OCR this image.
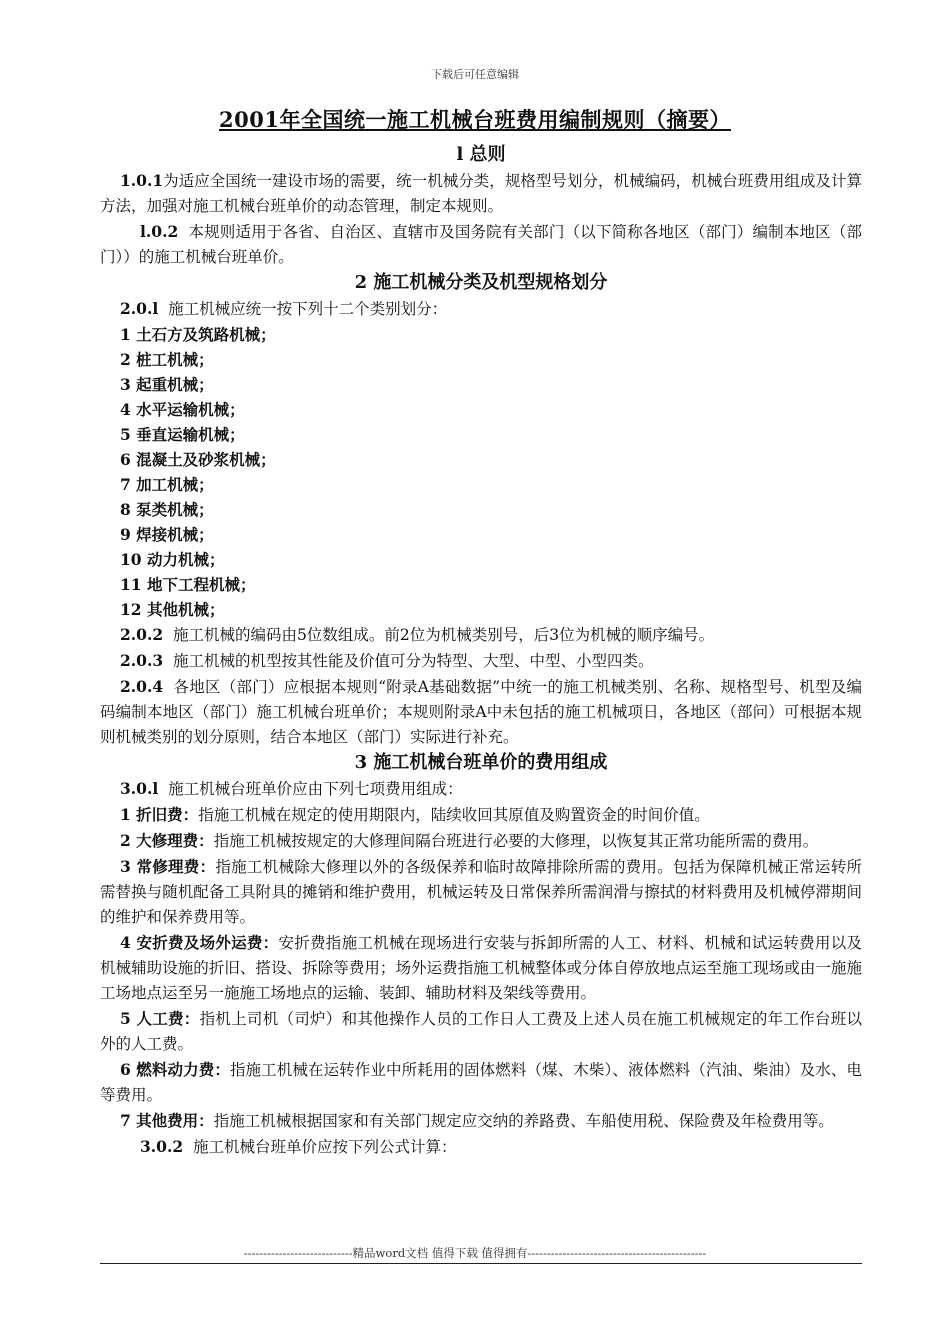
下载后可任意编辑
2001年全国统一施工机械台班费用编制规则（摘要）

l 总则

1.0.1为适应全国统一建设市场的需要，统一机械分类，规格型号划分，机械编码，机械台班费用组成及计算方法，加强对施工机械台班单价的动态管理，制定本规则。

l.0.2 本规则适用于各省、自治区、直辖市及国务院有关部门（以下简称各地区（部门）编制本地区（部门））的施工机械台班单价。

2 施工机械分类及机型规格划分

2.0.l 施工机械应统一按下列十二个类别划分：

1 土石方及筑路机械；

2 桩工机械；

3 起重机械；

4 水平运输机械；

5 垂直运输机械；

6 混凝土及砂浆机械；

7 加工机械；

8 泵类机械；

9 焊接机械；

10 动力机械；

11 地下工程机械；

12 其他机械；

2.0.2 施工机械的编码由5位数组成。前2位为机械类别号，后3位为机械的顺序编号。

2.0.3 施工机械的机型按其性能及价值可分为特型、大型、中型、小型四类。

2.0.4 各地区（部门）应根据本规则“附录A基础数据”中统一的施工机械类别、名称、规格型号、机型及编码编制本地区（部门）施工机械台班单价；本规则附录A中未包括的施工机械项日，各地区（部问）可根据本规则机械类别的划分原则，结合本地区（部门）实际进行补充。

3 施工机械台班单价的费用组成

3.0.l 施工机械台班单价应由下列七项费用组成：

1 折旧费：指施工机械在规定的使用期限内，陆续收回其原值及购置资金的时间价值。

2 大修理费：指施工机械按规定的大修理间隔台班进行必要的大修理，以恢复其正常功能所需的费用。

3 常修理费：指施工机械除大修理以外的各级保养和临时故障排除所需的费用。包括为保障机械正常运转所需替换与随机配备工具附具的摊销和维护费用，机械运转及日常保养所需润滑与擦拭的材料费用及机械停滞期间的维护和保养费用等。

4 安折费及场外运费：安折费指施工机械在现场进行安装与拆卸所需的人工、材料、机械和试运转费用以及机械辅助设施的折旧、搭设、拆除等费用；场外运费指施工机械整体或分体自停放地点运至施工现场或由一施施工场地点运至另一施施工场地点的运输、装卸、辅助材料及架线等费用。

5 人工费：指机上司机（司炉）和其他操作人员的工作日人工费及上述人员在施工机械规定的年工作台班以外的人工费。

6 燃料动力费：指施工机械在运转作业中所耗用的固体燃料（煤、木柴）、液体燃料（汽油、柴油）及水、电等费用。

7 其他费用：指施工机械根据国家和有关部门规定应交纳的养路费、车船使用税、保险费及年检费用等。

3.0.2 施工机械台班单价应按下列公式计算：

----------------------------精品word文档 值得下载 值得拥有----------------------------------------------
